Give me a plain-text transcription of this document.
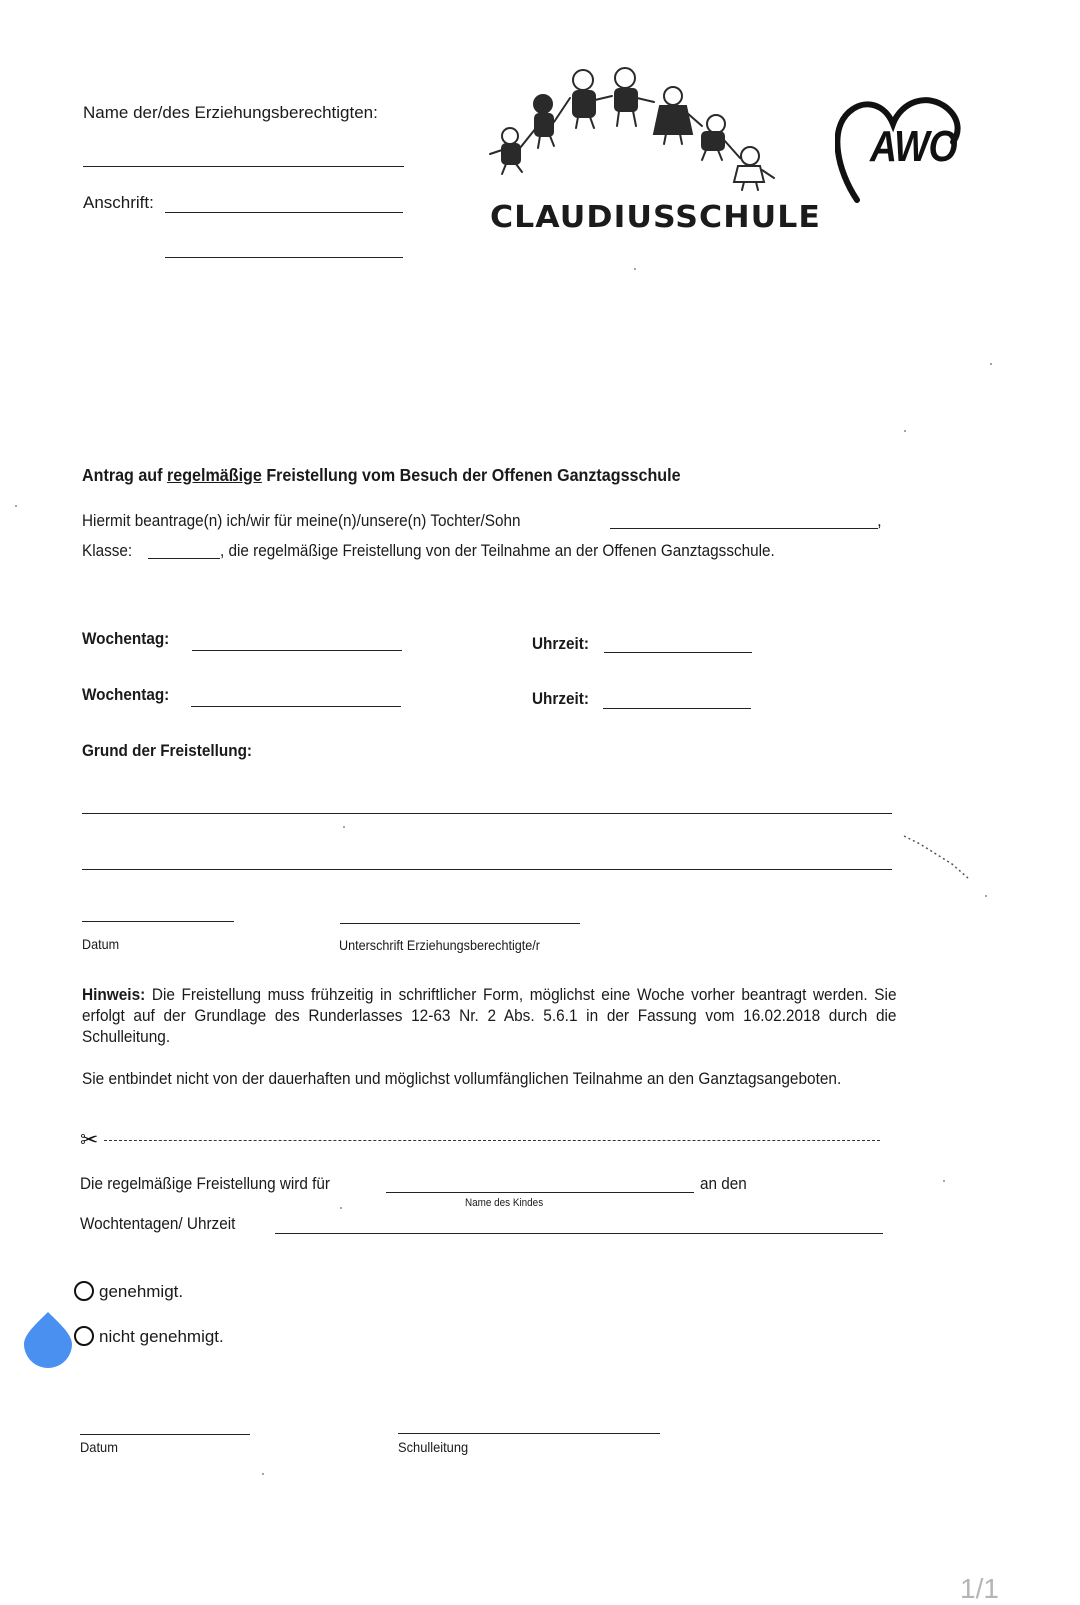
Name der/des Erziehungsberechtigten:
Anschrift:	CLAUDIUSSCHULE
AWO
Antrag auf regelmäßige Freistellung vom Besuch der Offenen Ganztagsschule
Hiermit beantrage(n) ich/wir für meine(n)/unsere(n) Tochter/Sohn	,
Klasse:	, die regelmäßige Freistellung von der Teilnahme an der Offenen Ganztagsschule.
Wochentag:	Uhrzeit:
Wochentag:	Uhrzeit:
Grund der Freistellung:
Datum	Unterschrift Erziehungsberechtigte/r
Hinweis: Die Freistellung muss frühzeitig in schriftlicher Form, möglichst eine Woche vorher beantragt werden. Sie erfolgt auf der Grundlage des Runderlasses 12-63 Nr. 2 Abs. 5.6.1 in der Fassung vom 16.02.2018 durch die Schulleitung.
Sie entbindet nicht von der dauerhaften und möglichst vollumfänglichen Teilnahme an den Ganztagsangeboten.
✂
Die regelmäßige Freistellung wird für	an den
Name des Kindes
Wochtentagen/ Uhrzeit
genehmigt.
nicht genehmigt.
Datum	Schulleitung
1/1
